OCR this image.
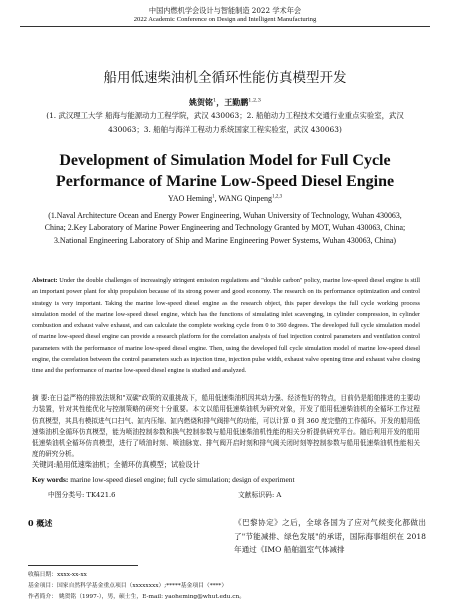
中国内燃机学会设计与智能制造 2022 学术年会
2022 Academic Conference on Design and Intelligent Manufacturing
船用低速柴油机全循环性能仿真模型开发
姚贺铭$^1$，王勤鹏$^{1,2,3}$
(1. 武汉理工大学 船海与能源动力工程学院，武汉 430063；2. 船舶动力工程技术交通行业重点实验室，武汉 430063；3. 船舶与海洋工程动力系统国家工程实验室，武汉 430063)
Development of Simulation Model for Full Cycle Performance of Marine Low-Speed Diesel Engine
YAO Heming$^1$, WANG Qinpeng$^{1,2,3}$
(1.Naval Architecture Ocean and Energy Power Engineering, Wuhan University of Technology, Wuhan 430063, China; 2.Key Laboratory of Marine Power Engineering and Technology Granted by MOT, Wuhan 430063, China; 3.National Engineering Laboratory of Ship and Marine Engineering Power Systems, Wuhan 430063, China)
Abstract: Under the double challenges of increasingly stringent emission regulations and "double carbon" policy, marine low-speed diesel engine is still an important power plant for ship propulsion because of its strong power and good economy. The research on its performance optimization and control strategy is very important. Taking the marine low-speed diesel engine as the research object, this paper develops the full cycle working process simulation model of the marine low-speed diesel engine, which has the functions of simulating inlet scavenging, in cylinder compression, in cylinder combustion and exhaust valve exhaust, and can calculate the complete working cycle from 0 to 360 degrees. The developed full cycle simulation model of marine low-speed diesel engine can provide a research platform for the correlation analysis of fuel injection control parameters and ventilation control parameters with the performance of marine low-speed diesel engine. Then, using the developed full cycle simulation model of marine low-speed diesel engine, the correlation between the control parameters such as injection time, injection pulse width, exhaust valve opening time and exhaust valve closing time and the performance of marine low-speed diesel engine is studied and analyzed.
摘 要:在日益严格的排放法规和"双碳"政策的双重挑战下，船用低速柴油机因其动力强、经济性好的特点，目前仍是船舶推进的主要动力装置，针对其性能优化与控制策略的研究十分重要。本文以船用低速柴油机为研究对象，开发了船用低速柴油机的全循环工作过程仿真模型，其具有模拟进气口扫气、缸内压缩、缸内燃烧和排气阀排气的功能，可以计算 0 到 360 度完整的工作循环。开发的船用低速柴油机全循环仿真模型，能为喷油控制参数和换气控制参数与船用低速柴油机性能的相关分析提供研究平台。随后利用开发的船用低速柴油机全循环仿真模型，进行了喷油时刻、喷油脉宽、排气阀开启时刻和排气阀关闭时刻等控制参数与船用低速柴油机性能相关度的研究分析。
关键词:船用低速柴油机；全循环仿真模型；试验设计
Key words: marine low-speed diesel engine; full cycle simulation; design of experiment
中图分类号: TK421.6	文献标识码: A
0 概述	《巴黎协定》之后，全球各国为了应对气候变化都做出了"节能减排、绿色发展"的承诺，国际海事组织在 2018 年通过《IMO 船舶温室气体减排
收稿日期：xxxx-xx-xx
基金项目：国家自然科学基金重点项目（xxxxxxxx）;*****基金项目（****）
作者简介： 姚贺铭（1997-），男，硕士生，E-mail: yaoheming@whut.edu.cn。
